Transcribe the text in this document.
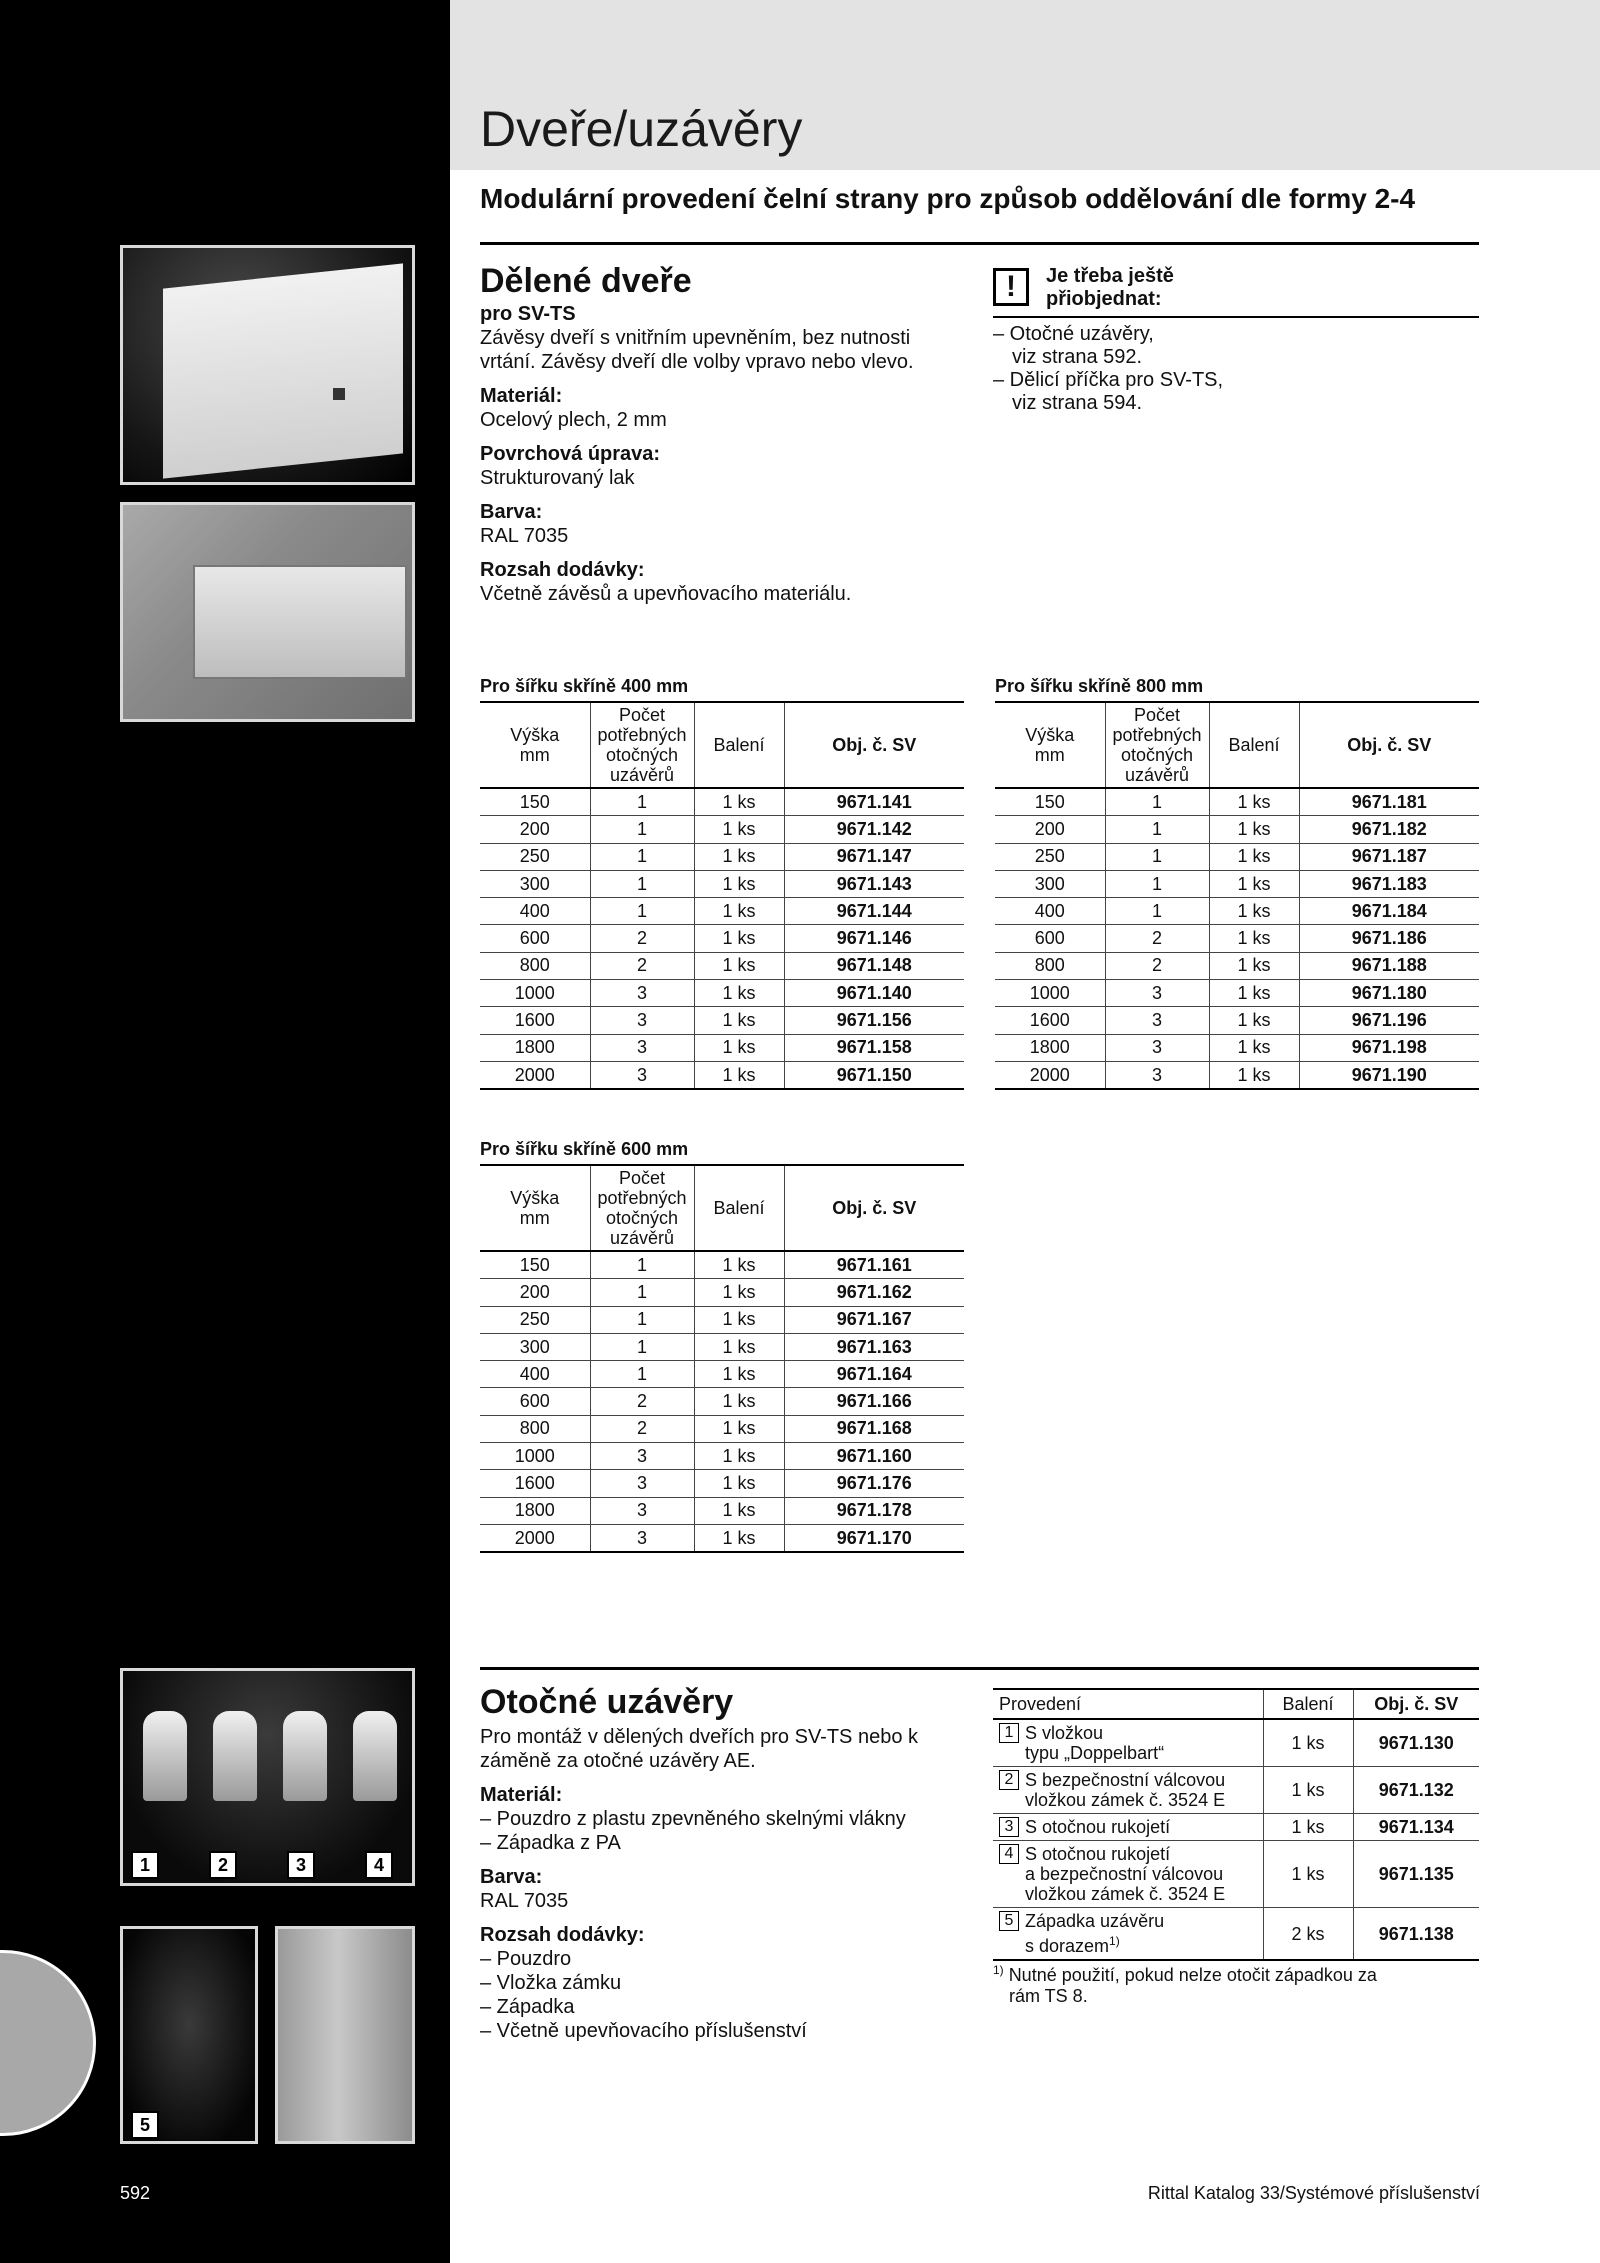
1	2	3	4
5
Dveře/uzávěry
Modulární provedení čelní strany pro způsob oddělování dle formy 2-4
Dělené dveře
pro SV-TS
Závěsy dveří s vnitřním upevněním, bez nutnosti vrtání. Závěsy dveří dle volby vpravo nebo vlevo.
Materiál:
Ocelový plech, 2 mm
Povrchová úprava:
Strukturovaný lak
Barva:
RAL 7035
Rozsah dodávky:
Včetně závěsů a upevňovacího materiálu.
!	Je třeba ještě
přiobjednat:
– Otočné uzávěry,
viz strana 592.
– Dělicí příčka pro SV-TS,
viz strana 594.
Pro šířku skříně 400 mm
Výška
mm	Počet
potřebných
otočných
uzávěrů	Balení	Obj. č. SV
150	1	1 ks	9671.141
200	1	1 ks	9671.142
250	1	1 ks	9671.147
300	1	1 ks	9671.143
400	1	1 ks	9671.144
600	2	1 ks	9671.146
800	2	1 ks	9671.148
1000	3	1 ks	9671.140
1600	3	1 ks	9671.156
1800	3	1 ks	9671.158
2000	3	1 ks	9671.150
Pro šířku skříně 800 mm
Výška
mm	Počet
potřebných
otočných
uzávěrů	Balení	Obj. č. SV
150	1	1 ks	9671.181
200	1	1 ks	9671.182
250	1	1 ks	9671.187
300	1	1 ks	9671.183
400	1	1 ks	9671.184
600	2	1 ks	9671.186
800	2	1 ks	9671.188
1000	3	1 ks	9671.180
1600	3	1 ks	9671.196
1800	3	1 ks	9671.198
2000	3	1 ks	9671.190
Pro šířku skříně 600 mm
Výška
mm	Počet
potřebných
otočných
uzávěrů	Balení	Obj. č. SV
150	1	1 ks	9671.161
200	1	1 ks	9671.162
250	1	1 ks	9671.167
300	1	1 ks	9671.163
400	1	1 ks	9671.164
600	2	1 ks	9671.166
800	2	1 ks	9671.168
1000	3	1 ks	9671.160
1600	3	1 ks	9671.176
1800	3	1 ks	9671.178
2000	3	1 ks	9671.170
Otočné uzávěry
Pro montáž v dělených dveřích pro SV-TS nebo k záměně za otočné uzávěry AE.
Materiál:
– Pouzdro z plastu zpevněného skelnými vlákny
– Západka z PA
Barva:
RAL 7035
Rozsah dodávky:
– Pouzdro
– Vložka zámku
– Západka
– Včetně upevňovacího příslušenství
Provedení	Balení	Obj. č. SV
1 S vložkou
typu „Doppelbart“	1 ks	9671.130
2 S bezpečnostní válcovou
vložkou zámek č. 3524 E	1 ks	9671.132
3 S otočnou rukojetí	1 ks	9671.134
4 S otočnou rukojetí
a bezpečnostní válcovou
vložkou zámek č. 3524 E	1 ks	9671.135
5 Západka uzávěru
s dorazem$^{1)}$	2 ks	9671.138
$^{1)}$ Nutné použití, pokud nelze otočit západkou za
rám TS 8.
592	Rittal Katalog 33/Systémové příslušenství
